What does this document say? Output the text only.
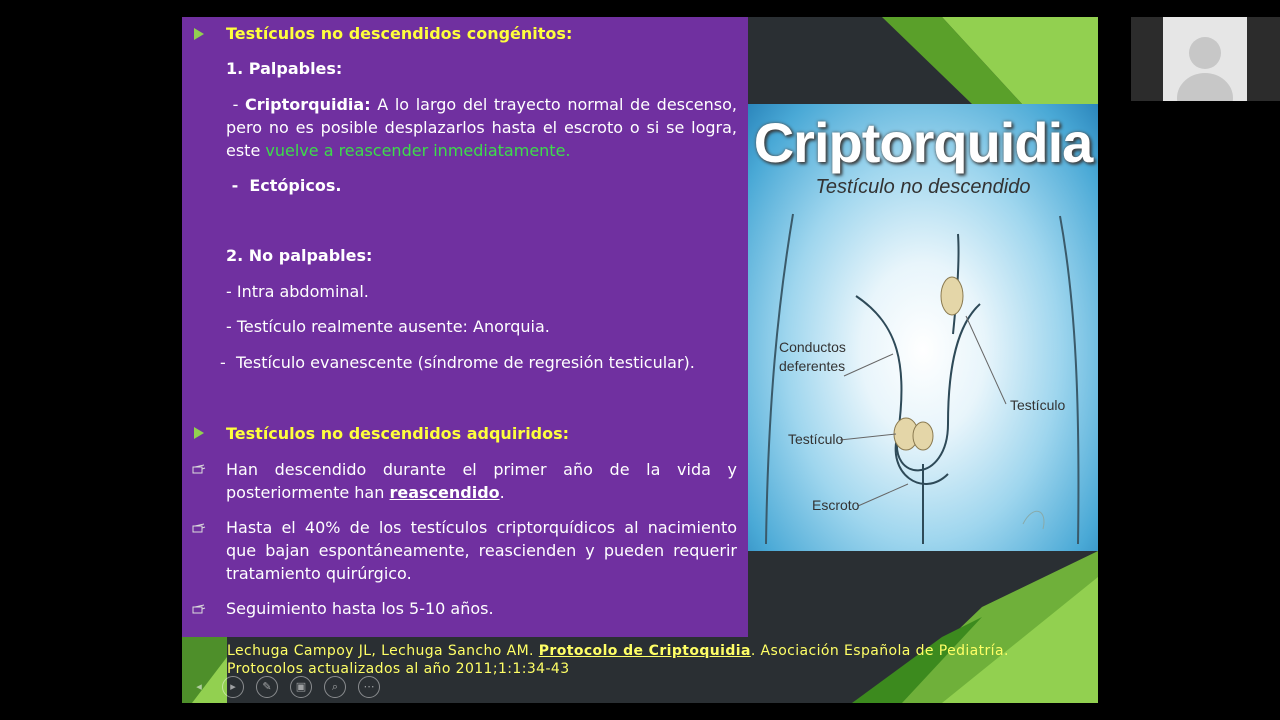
Testículos no descendidos congénitos:
1. Palpables:
- Criptorquidia: A lo largo del trayecto normal de descenso, pero no es posible desplazarlos hasta el escroto o si se logra, este vuelve a reascender inmediatamente.
-  Ectópicos.
2. No palpables:
- Intra abdominal.
- Testículo realmente ausente: Anorquia.
-  Testículo evanescente (síndrome de regresión testicular).
Testículos no descendidos adquiridos:
Han descendido durante el primer año de la vida y posteriormente han reascendido.
Hasta el 40% de los testículos criptorquídicos al nacimiento que bajan espontáneamente, reascienden y pueden requerir tratamiento quirúrgico.
Seguimiento hasta los 5-10 años.
Criptorquidia
Testículo no descendido
Conductos deferentes
Testículo
Testículo
Escroto
Lechuga Campoy JL, Lechuga Sancho AM. Protocolo de Criptoquidia. Asociación Española de Pediatría. Protocolos actualizados al año 2011;1:1:34-43
◂	▸	✎	▣	⌕	⋯
